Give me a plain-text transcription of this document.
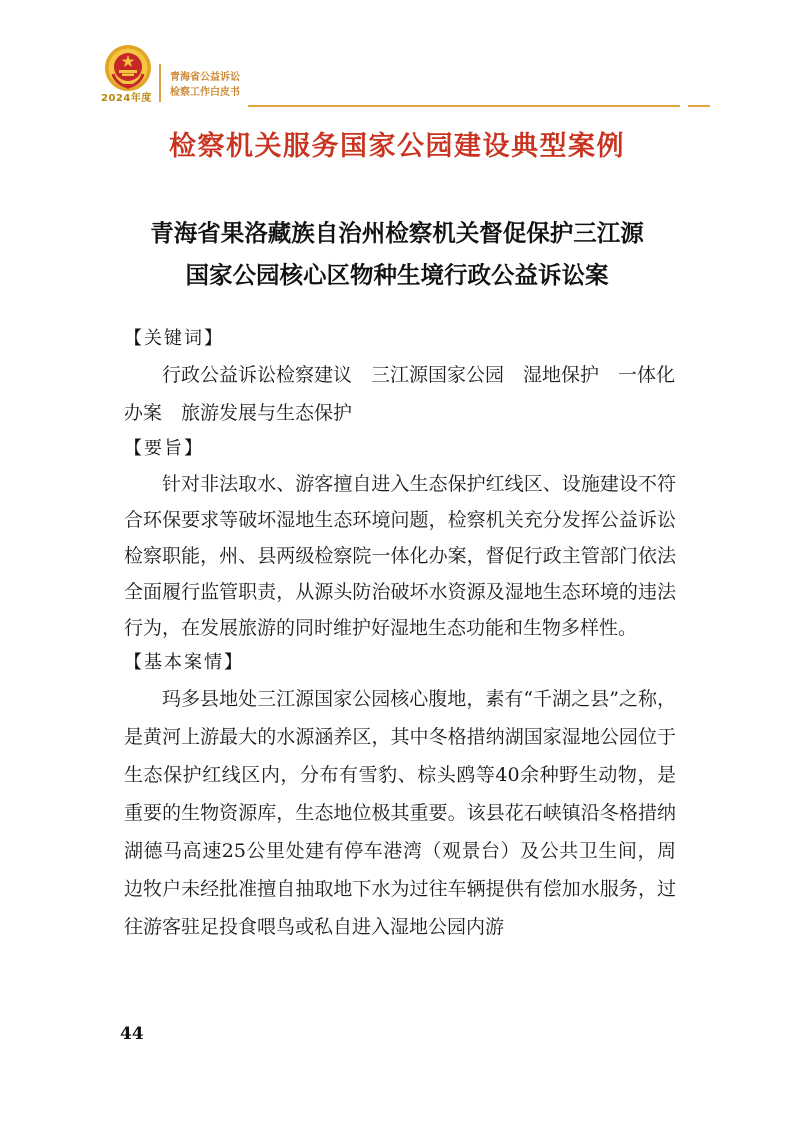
2024年度
青海省公益诉讼
检察工作白皮书
检察机关服务国家公园建设典型案例
青海省果洛藏族自治州检察机关督促保护三江源
国家公园核心区物种生境行政公益诉讼案
【关键词】

行政公益诉讼检察建议　三江源国家公园　湿地保护　一体化办案　旅游发展与生态保护

【要旨】

针对非法取水、游客擅自进入生态保护红线区、设施建设不符合环保要求等破坏湿地生态环境问题，检察机关充分发挥公益诉讼检察职能，州、县两级检察院一体化办案，督促行政主管部门依法全面履行监管职责，从源头防治破坏水资源及湿地生态环境的违法行为，在发展旅游的同时维护好湿地生态功能和生物多样性。

【基本案情】

玛多县地处三江源国家公园核心腹地，素有“千湖之县”之称，是黄河上游最大的水源涵养区，其中冬格措纳湖国家湿地公园位于生态保护红线区内，分布有雪豹、棕头鸥等40余种野生动物，是重要的生物资源库，生态地位极其重要。该县花石峡镇沿冬格措纳湖德马高速25公里处建有停车港湾（观景台）及公共卫生间，周边牧户未经批准擅自抽取地下水为过往车辆提供有偿加水服务，过往游客驻足投食喂鸟或私自进入湿地公园内游

44
